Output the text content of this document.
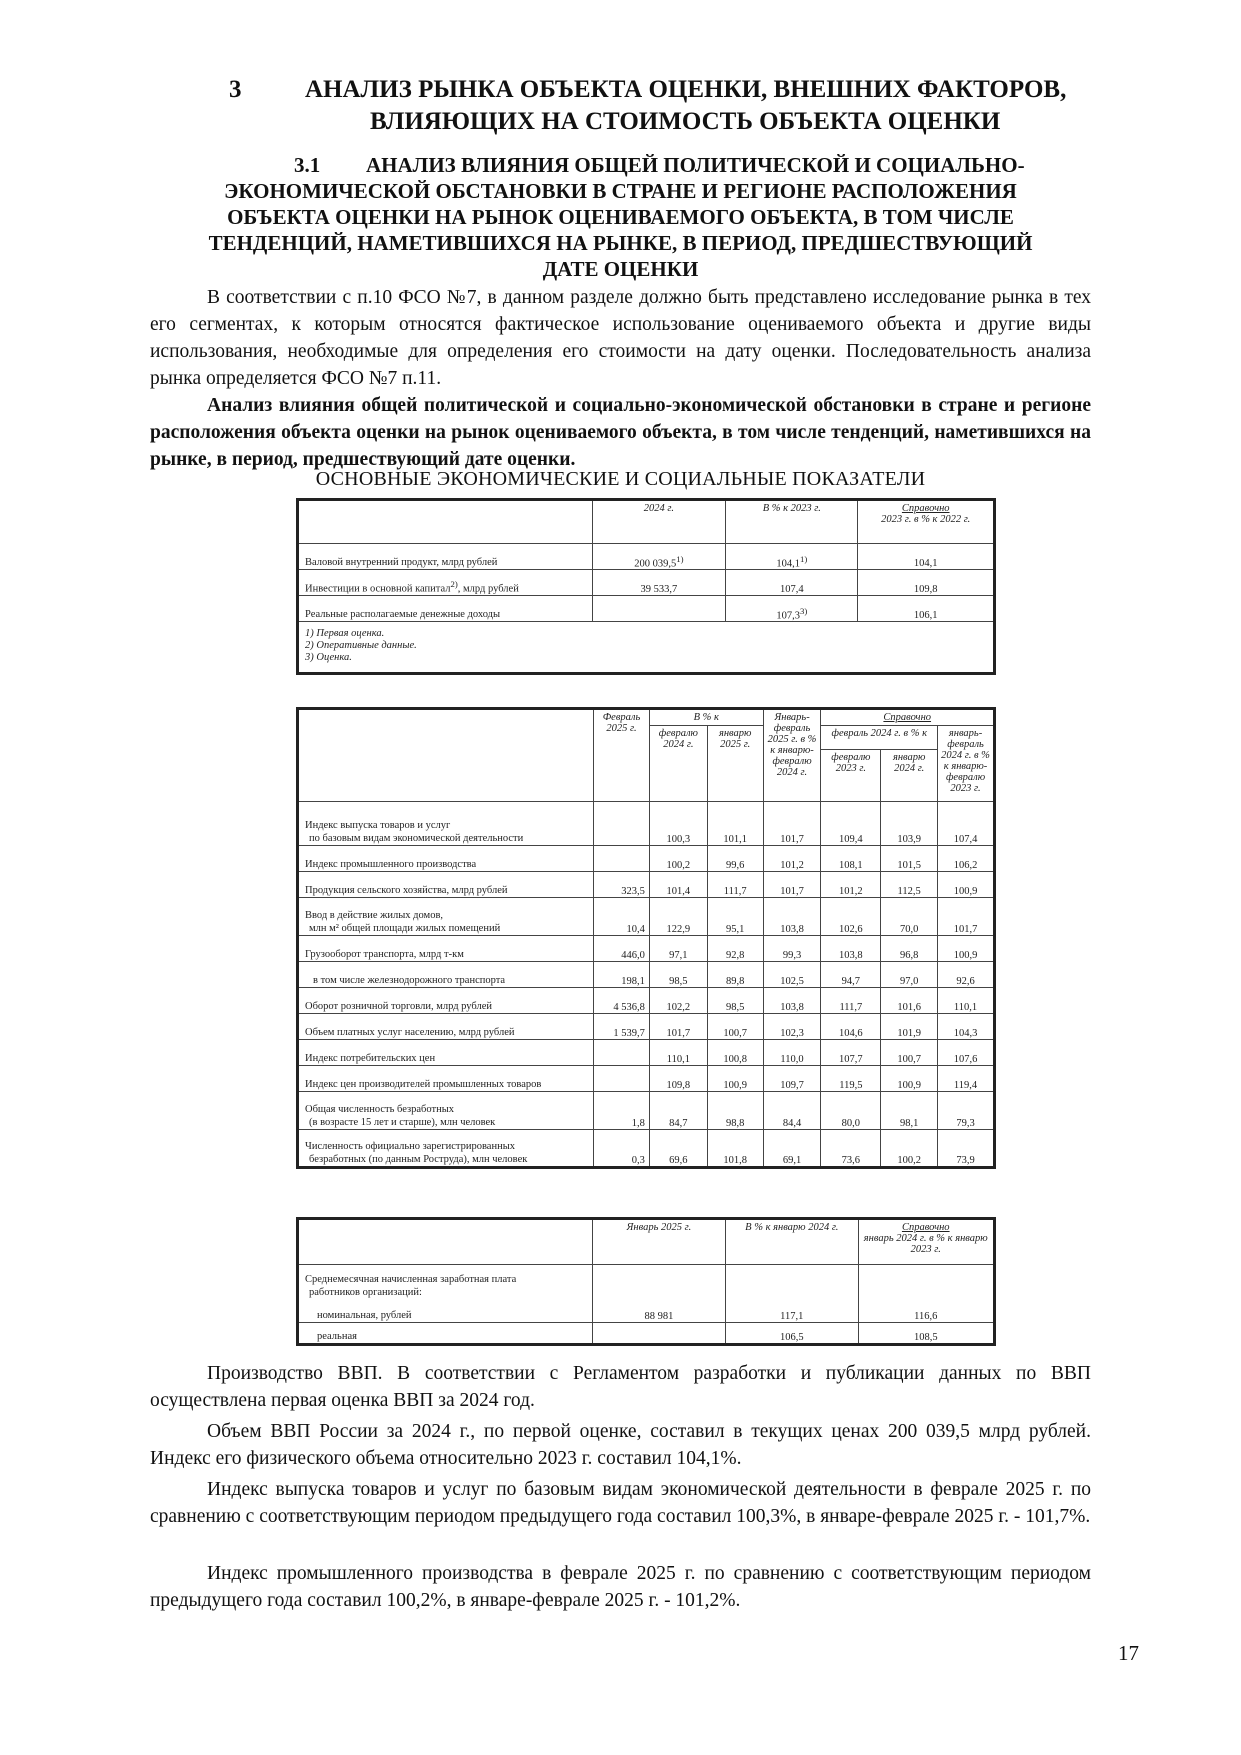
3	АНАЛИЗ РЫНКА ОБЪЕКТА ОЦЕНКИ, ВНЕШНИХ ФАКТОРОВ,
ВЛИЯЮЩИХ НА СТОИМОСТЬ ОБЪЕКТА ОЦЕНКИ
3.1 АНАЛИЗ ВЛИЯНИЯ ОБЩЕЙ ПОЛИТИЧЕСКОЙ И СОЦИАЛЬНО-
ЭКОНОМИЧЕСКОЙ ОБСТАНОВКИ В СТРАНЕ И РЕГИОНЕ РАСПОЛОЖЕНИЯ
ОБЪЕКТА ОЦЕНКИ НА РЫНОК ОЦЕНИВАЕМОГО ОБЪЕКТА, В ТОМ ЧИСЛЕ
ТЕНДЕНЦИЙ, НАМЕТИВШИХСЯ НА РЫНКЕ, В ПЕРИОД, ПРЕДШЕСТВУЮЩИЙ
ДАТЕ ОЦЕНКИ
В соответствии с п.10 ФСО №7, в данном разделе должно быть представлено исследование рынка в тех его сегментах, к которым относятся фактическое использование оцениваемого объекта и другие виды использования, необходимые для определения его стоимости на дату оценки. Последовательность анализа рынка определяется ФСО №7 п.11.
Анализ влияния общей политической и социально-экономической обстановки в стране и регионе расположения объекта оценки на рынок оцениваемого объекта, в том числе тенденций, наметившихся на рынке, в период, предшествующий дате оценки.
ОСНОВНЫЕ ЭКОНОМИЧЕСКИЕ И СОЦИАЛЬНЫЕ ПОКАЗАТЕЛИ
	2024 г.	В % к 2023 г.	Справочно
2023 г. в % к 2022 г.
Валовой внутренний продукт, млрд рублей	200 039,5$^{1)}$	104,1$^{1)}$	104,1
Инвестиции в основной капитал$^{2)}$, млрд рублей	39 533,7	107,4	109,8
Реальные располагаемые денежные доходы		107,3$^{3)}$	106,1

1) Первая оценка.
2) Оперативные данные.
3) Оценка.			
	Февраль 2025 г.	В % к		Январь-февраль 2025 г. в % к январю-февралю 2024 г.	Справочно		
		февралю 2024 г.	январю 2025 г.		февраль 2024 г. в % к		январь-февраль 2024 г. в % к январю-февралю 2023 г.
					февралю 2023 г.	январю 2024 г.	

Индекс выпуска товаров и услуг
по базовым видам экономической деятельности		100,3	101,1	101,7	109,4	103,9	107,4

Индекс промышленного производства		100,2	99,6	101,2	108,1	101,5	106,2

Продукция сельского хозяйства, млрд рублей	323,5	101,4	111,7	101,7	101,2	112,5	100,9

Ввод в действие жилых домов,
млн м² общей площади жилых помещений	10,4	122,9	95,1	103,8	102,6	70,0	101,7

Грузооборот транспорта, млрд т-км	446,0	97,1	92,8	99,3	103,8	96,8	100,9

в том числе железнодорожного транспорта	198,1	98,5	89,8	102,5	94,7	97,0	92,6

Оборот розничной торговли, млрд рублей	4 536,8	102,2	98,5	103,8	111,7	101,6	110,1

Объем платных услуг населению, млрд рублей	1 539,7	101,7	100,7	102,3	104,6	101,9	104,3

Индекс потребительских цен		110,1	100,8	110,0	107,7	100,7	107,6

Индекс цен производителей промышленных товаров		109,8	100,9	109,7	119,5	100,9	119,4

Общая численность безработных
(в возрасте 15 лет и старше), млн человек	1,8	84,7	98,8	84,4	80,0	98,1	79,3

Численность официально зарегистрированных
безработных (по данным Роструда), млн человек	0,3	69,6	101,8	69,1	73,6	100,2	73,9
	Январь 2025 г.	В % к январю 2024 г.	Справочно
январь 2024 г. в % к январю 2023 г.

Среднемесячная начисленная заработная плата
работников организаций:
номинальная, рублей	88 981	117,1	116,6
реальная		106,5	108,5
Производство ВВП. В соответствии с Регламентом разработки и публикации данных по ВВП осуществлена первая оценка ВВП за 2024 год.
Объем ВВП России за 2024 г., по первой оценке, составил в текущих ценах 200 039,5 млрд рублей. Индекс его физического объема относительно 2023 г. составил 104,1%.
Индекс выпуска товаров и услуг по базовым видам экономической деятельности в феврале 2025 г. по сравнению с соответствующим периодом предыдущего года составил 100,3%, в январе-феврале 2025 г. - 101,7%.
Индекс промышленного производства в феврале 2025 г. по сравнению с соответствующим периодом предыдущего года составил 100,2%, в январе-феврале 2025 г. - 101,2%.
17
